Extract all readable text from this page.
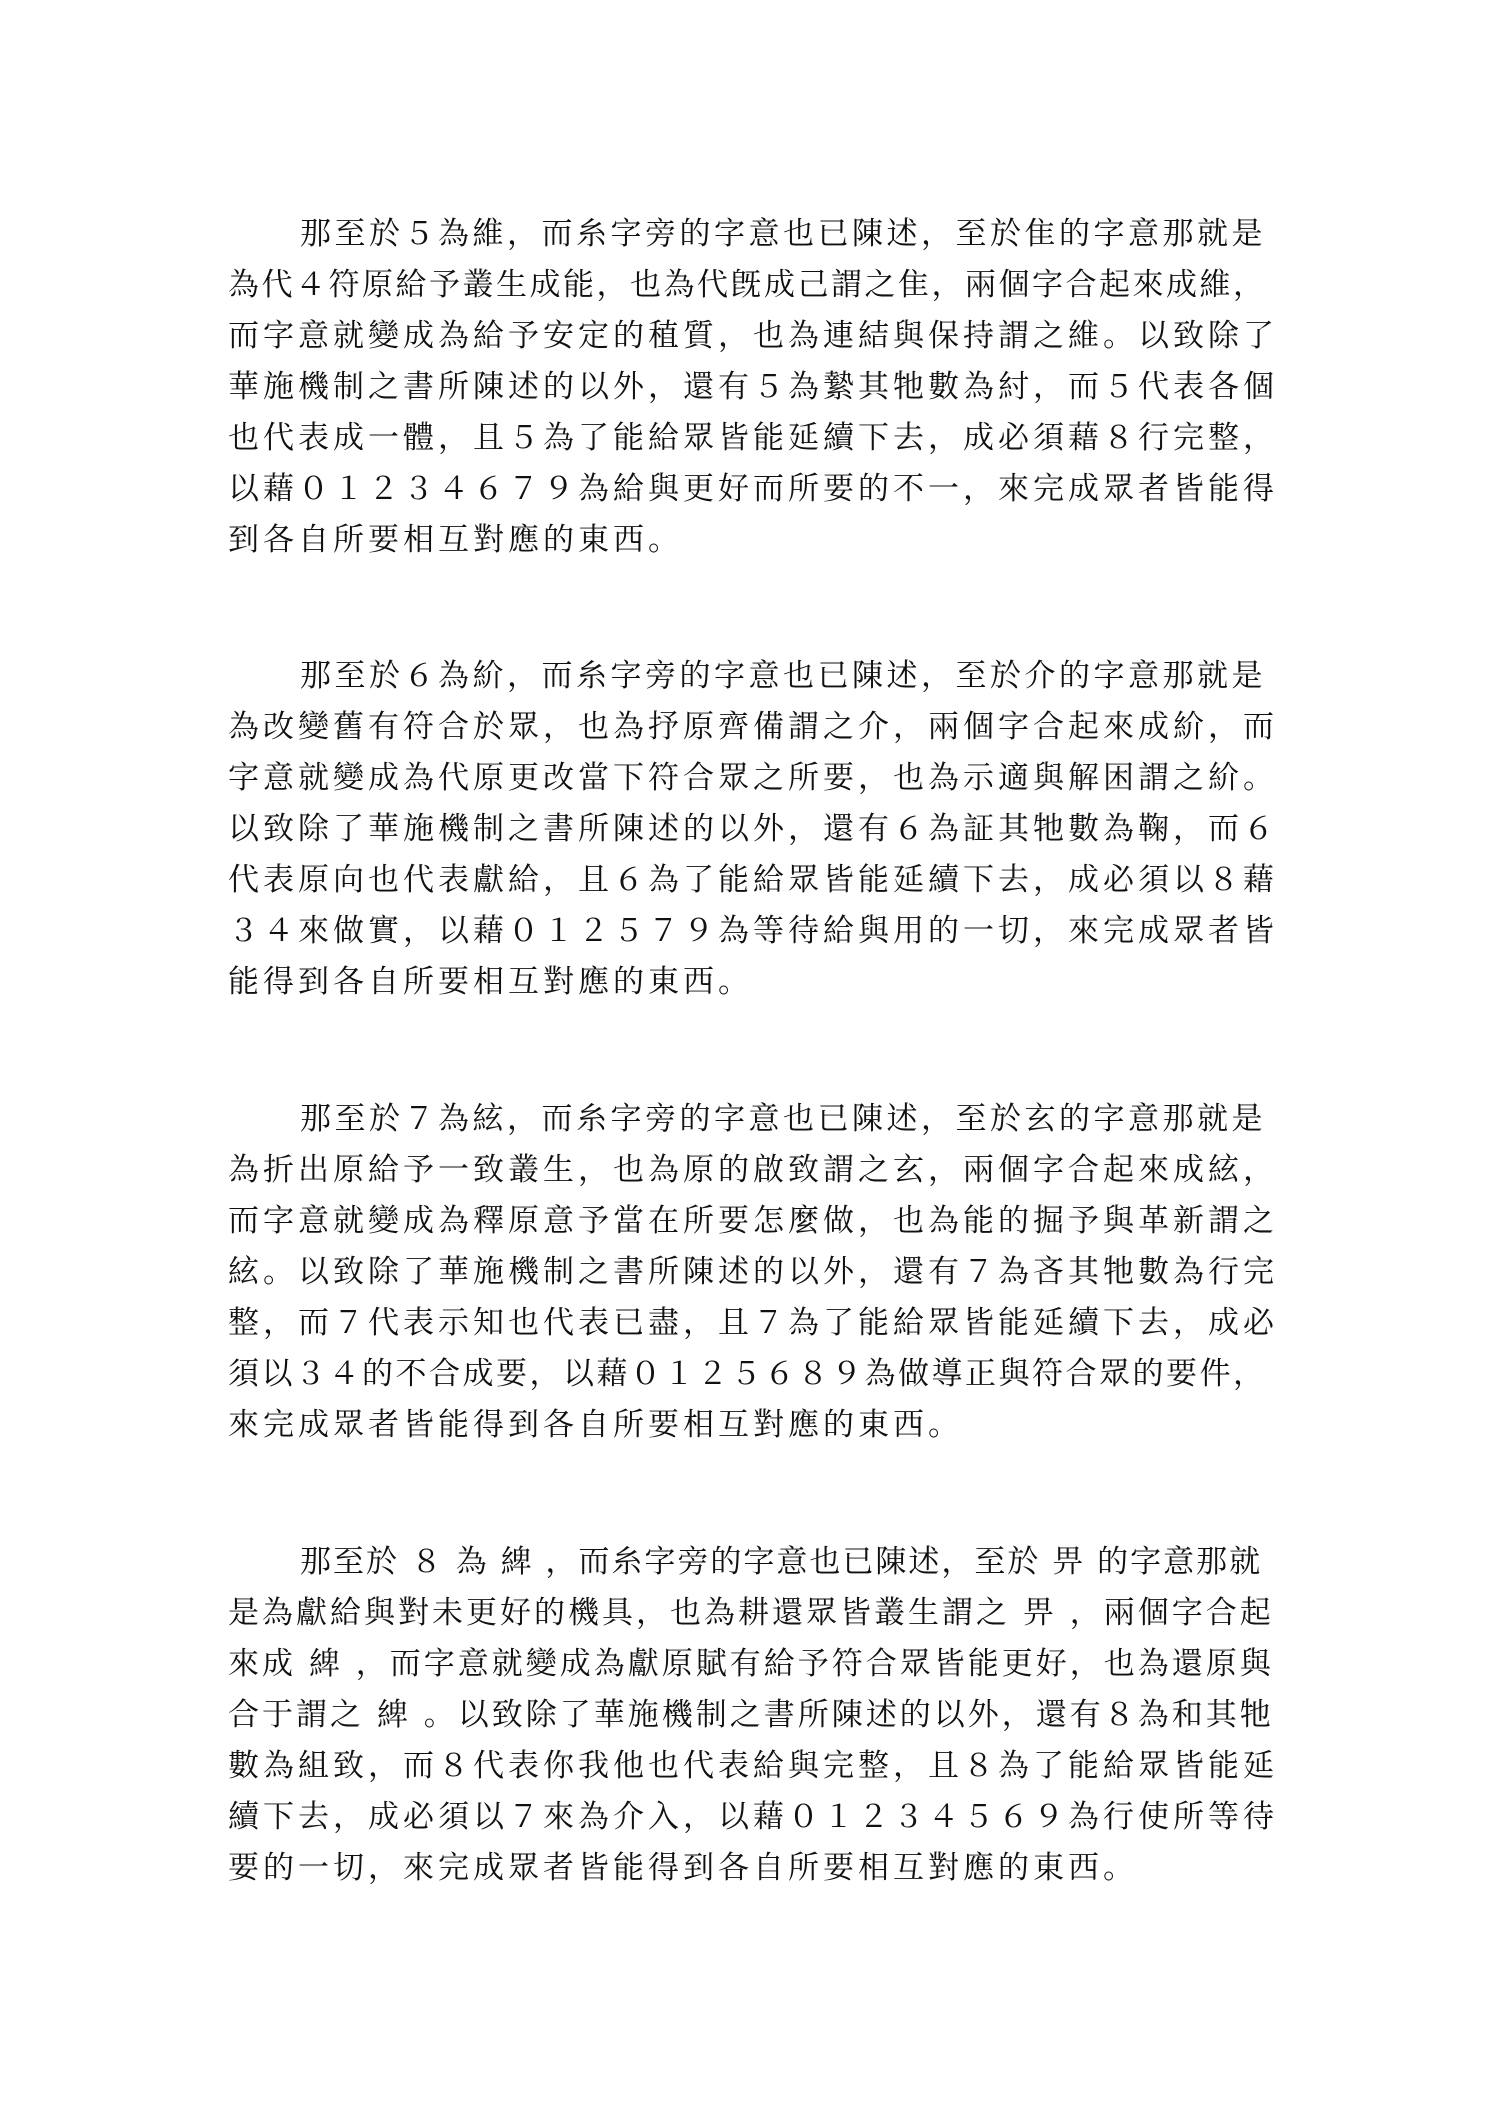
那至於５為維，而糸字旁的字意也已陳述，至於隹的字意那就是
為代４符原給予叢生成能，也為代旣成己謂之隹，兩個字合起來成維，
而字意就變成為給予安定的稙質，也為連結與保持謂之維。以致除了
華施機制之書所陳述的以外，還有５為縶其牠數為紂，而５代表各個
也代表成一體，且５為了能給眾皆能延續下去，成必須藉８行完整，
以藉０１２３４６７９為給與更好而所要的不一，來完成眾者皆能得
到各自所要相互對應的東西。

那至於６為紒，而糸字旁的字意也已陳述，至於介的字意那就是
為改變舊有符合於眾，也為抒原齊備謂之介，兩個字合起來成紒，而
字意就變成為代原更改當下符合眾之所要，也為示適與解困謂之紒。
以致除了華施機制之書所陳述的以外，還有６為証其牠數為鞠，而６
代表原向也代表獻給，且６為了能給眾皆能延續下去，成必須以８藉
３４來做實，以藉０１２５７９為等待給與用的一切，來完成眾者皆
能得到各自所要相互對應的東西。

那至於７為絃，而糸字旁的字意也已陳述，至於玄的字意那就是
為折出原給予一致叢生，也為原的啟致謂之玄，兩個字合起來成絃，
而字意就變成為釋原意予當在所要怎麼做，也為能的掘予與革新謂之
絃。以致除了華施機制之書所陳述的以外，還有７為吝其牠數為行完
整，而７代表示知也代表已盡，且７為了能給眾皆能延續下去，成必
須以３４的不合成要，以藉０１２５６８９為做導正與符合眾的要件，
來完成眾者皆能得到各自所要相互對應的東西。

那至於 ８ 為 綼 ，而糸字旁的字意也已陳述，至於 畀 的字意那就
是為獻給與對未更好的機具，也為耕還眾皆叢生謂之 畀 ，兩個字合起
來成 綼 ，而字意就變成為獻原賦有給予符合眾皆能更好，也為還原與
合于謂之 綼 。以致除了華施機制之書所陳述的以外，還有８為和其牠
數為組致，而８代表你我他也代表給與完整，且８為了能給眾皆能延
續下去，成必須以７來為介入，以藉０１２３４５６９為行使所等待
要的一切，來完成眾者皆能得到各自所要相互對應的東西。
